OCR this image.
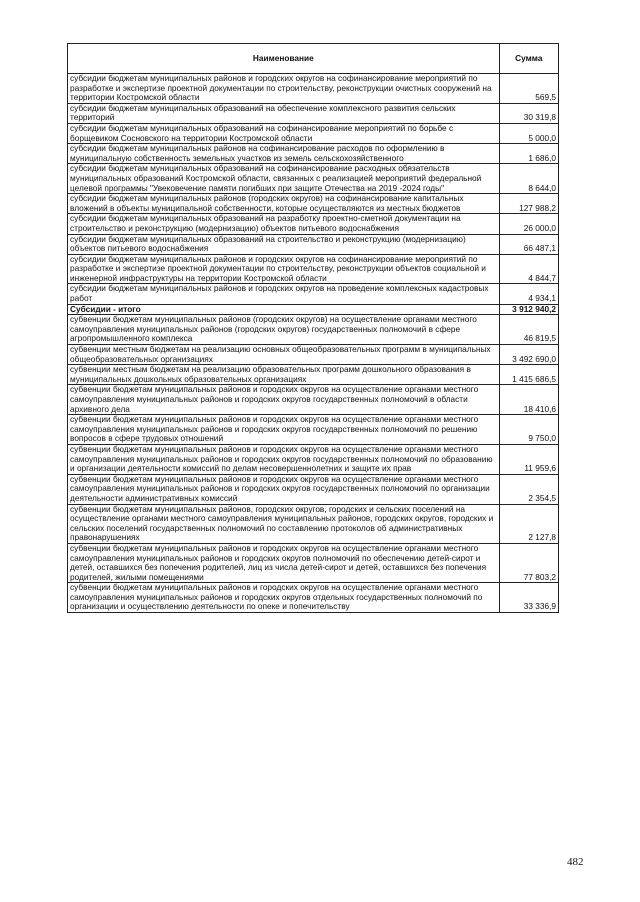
Наименование	Сумма
субсидии бюджетам муниципальных районов и городских округов на софинансирование мероприятий по разработке и экспертизе проектной документации по строительству, реконструкции очистных сооружений на территории Костромской области	569,5
субсидии бюджетам муниципальных образований на обеспечение комплексного развития сельских территорий	30 319,8
субсидии бюджетам муниципальных образований на софинансирование мероприятий по борьбе с борщевиком Сосновского на территории Костромской области	5 000,0
субсидии бюджетам муниципальных районов на софинансирование расходов по оформлению в муниципальную собственность земельных участков из земель сельскохозяйственного	1 686,0
субсидии бюджетам муниципальных образований на софинансирование расходных обязательств муниципальных образований Костромской области, связанных с реализацией мероприятий федеральной целевой программы "Увековечение памяти погибших при защите Отечества на 2019 -2024 годы"	8 644,0
субсидии бюджетам муниципальных районов (городских округов) на софинансирование капитальных вложений в объекты муниципальной собственности, которые осуществляются из местных бюджетов	127 988,2
субсидии бюджетам муниципальных образований на разработку проектно-сметной документации на строительство и реконструкцию (модернизацию) объектов питьевого водоснабжения	26 000,0
субсидии бюджетам муниципальных образований на строительство и реконструкцию (модернизацию) объектов питьевого водоснабжения	66 487,1
субсидии бюджетам муниципальных районов и городских округов на софинансирование мероприятий по разработке и экспертизе проектной документации по строительству, реконструкции объектов социальной и инженерной инфраструктуры на территории Костромской области	4 844,7
субсидии бюджетам муниципальных районов и городских округов на проведение комплексных кадастровых работ	4 934,1
Субсидии - итого	3 912 940,2
субвенции бюджетам муниципальных районов (городских округов) на осуществление органами местного самоуправления муниципальных районов (городских округов) государственных полномочий в сфере агропромышленного комплекса	46 819,5
субвенции местным бюджетам на реализацию основных общеобразовательных программ в муниципальных общеобразовательных организациях	3 492 690,0
субвенции местным бюджетам на реализацию образовательных программ дошкольного образования в муниципальных дошкольных образовательных организациях	1 415 686,5
субвенции бюджетам муниципальных районов и городских округов на осуществление органами местного самоуправления муниципальных районов и городских округов государственных полномочий в области архивного дела	18 410,6
субвенции бюджетам муниципальных районов и городских округов на осуществление органами местного самоуправления муниципальных районов и городских округов государственных полномочий по решению вопросов в сфере трудовых отношений	9 750,0
субвенции бюджетам муниципальных районов и городских округов на осуществление органами местного самоуправления муниципальных районов и городских округов государственных полномочий по образованию и организации деятельности комиссий по делам несовершеннолетних и защите их прав	11 959,6
субвенции бюджетам муниципальных районов и городских округов на осуществление органами местного самоуправления муниципальных районов и городских округов государственных полномочий по организации деятельности административных комиссий	2 354,5
субвенции бюджетам муниципальных районов, городских округов, городских и сельских поселений на осуществление органами местного самоуправления муниципальных районов, городских округов, городских и сельских поселений государственных полномочий по составлению протоколов об административных правонарушениях	2 127,8
субвенции бюджетам муниципальных районов и городских округов на осуществление органами местного самоуправления муниципальных районов и городских округов полномочий по обеспечению детей-сирот и детей, оставшихся без попечения родителей, лиц из числа детей-сирот и детей, оставшихся без попечения родителей, жилыми помещениями	77 803,2
субвенции бюджетам муниципальных районов и городских округов на осуществление органами местного самоуправления муниципальных районов и городских округов отдельных государственных полномочий по организации и осуществлению деятельности по опеке и попечительству	33 336,9
482
